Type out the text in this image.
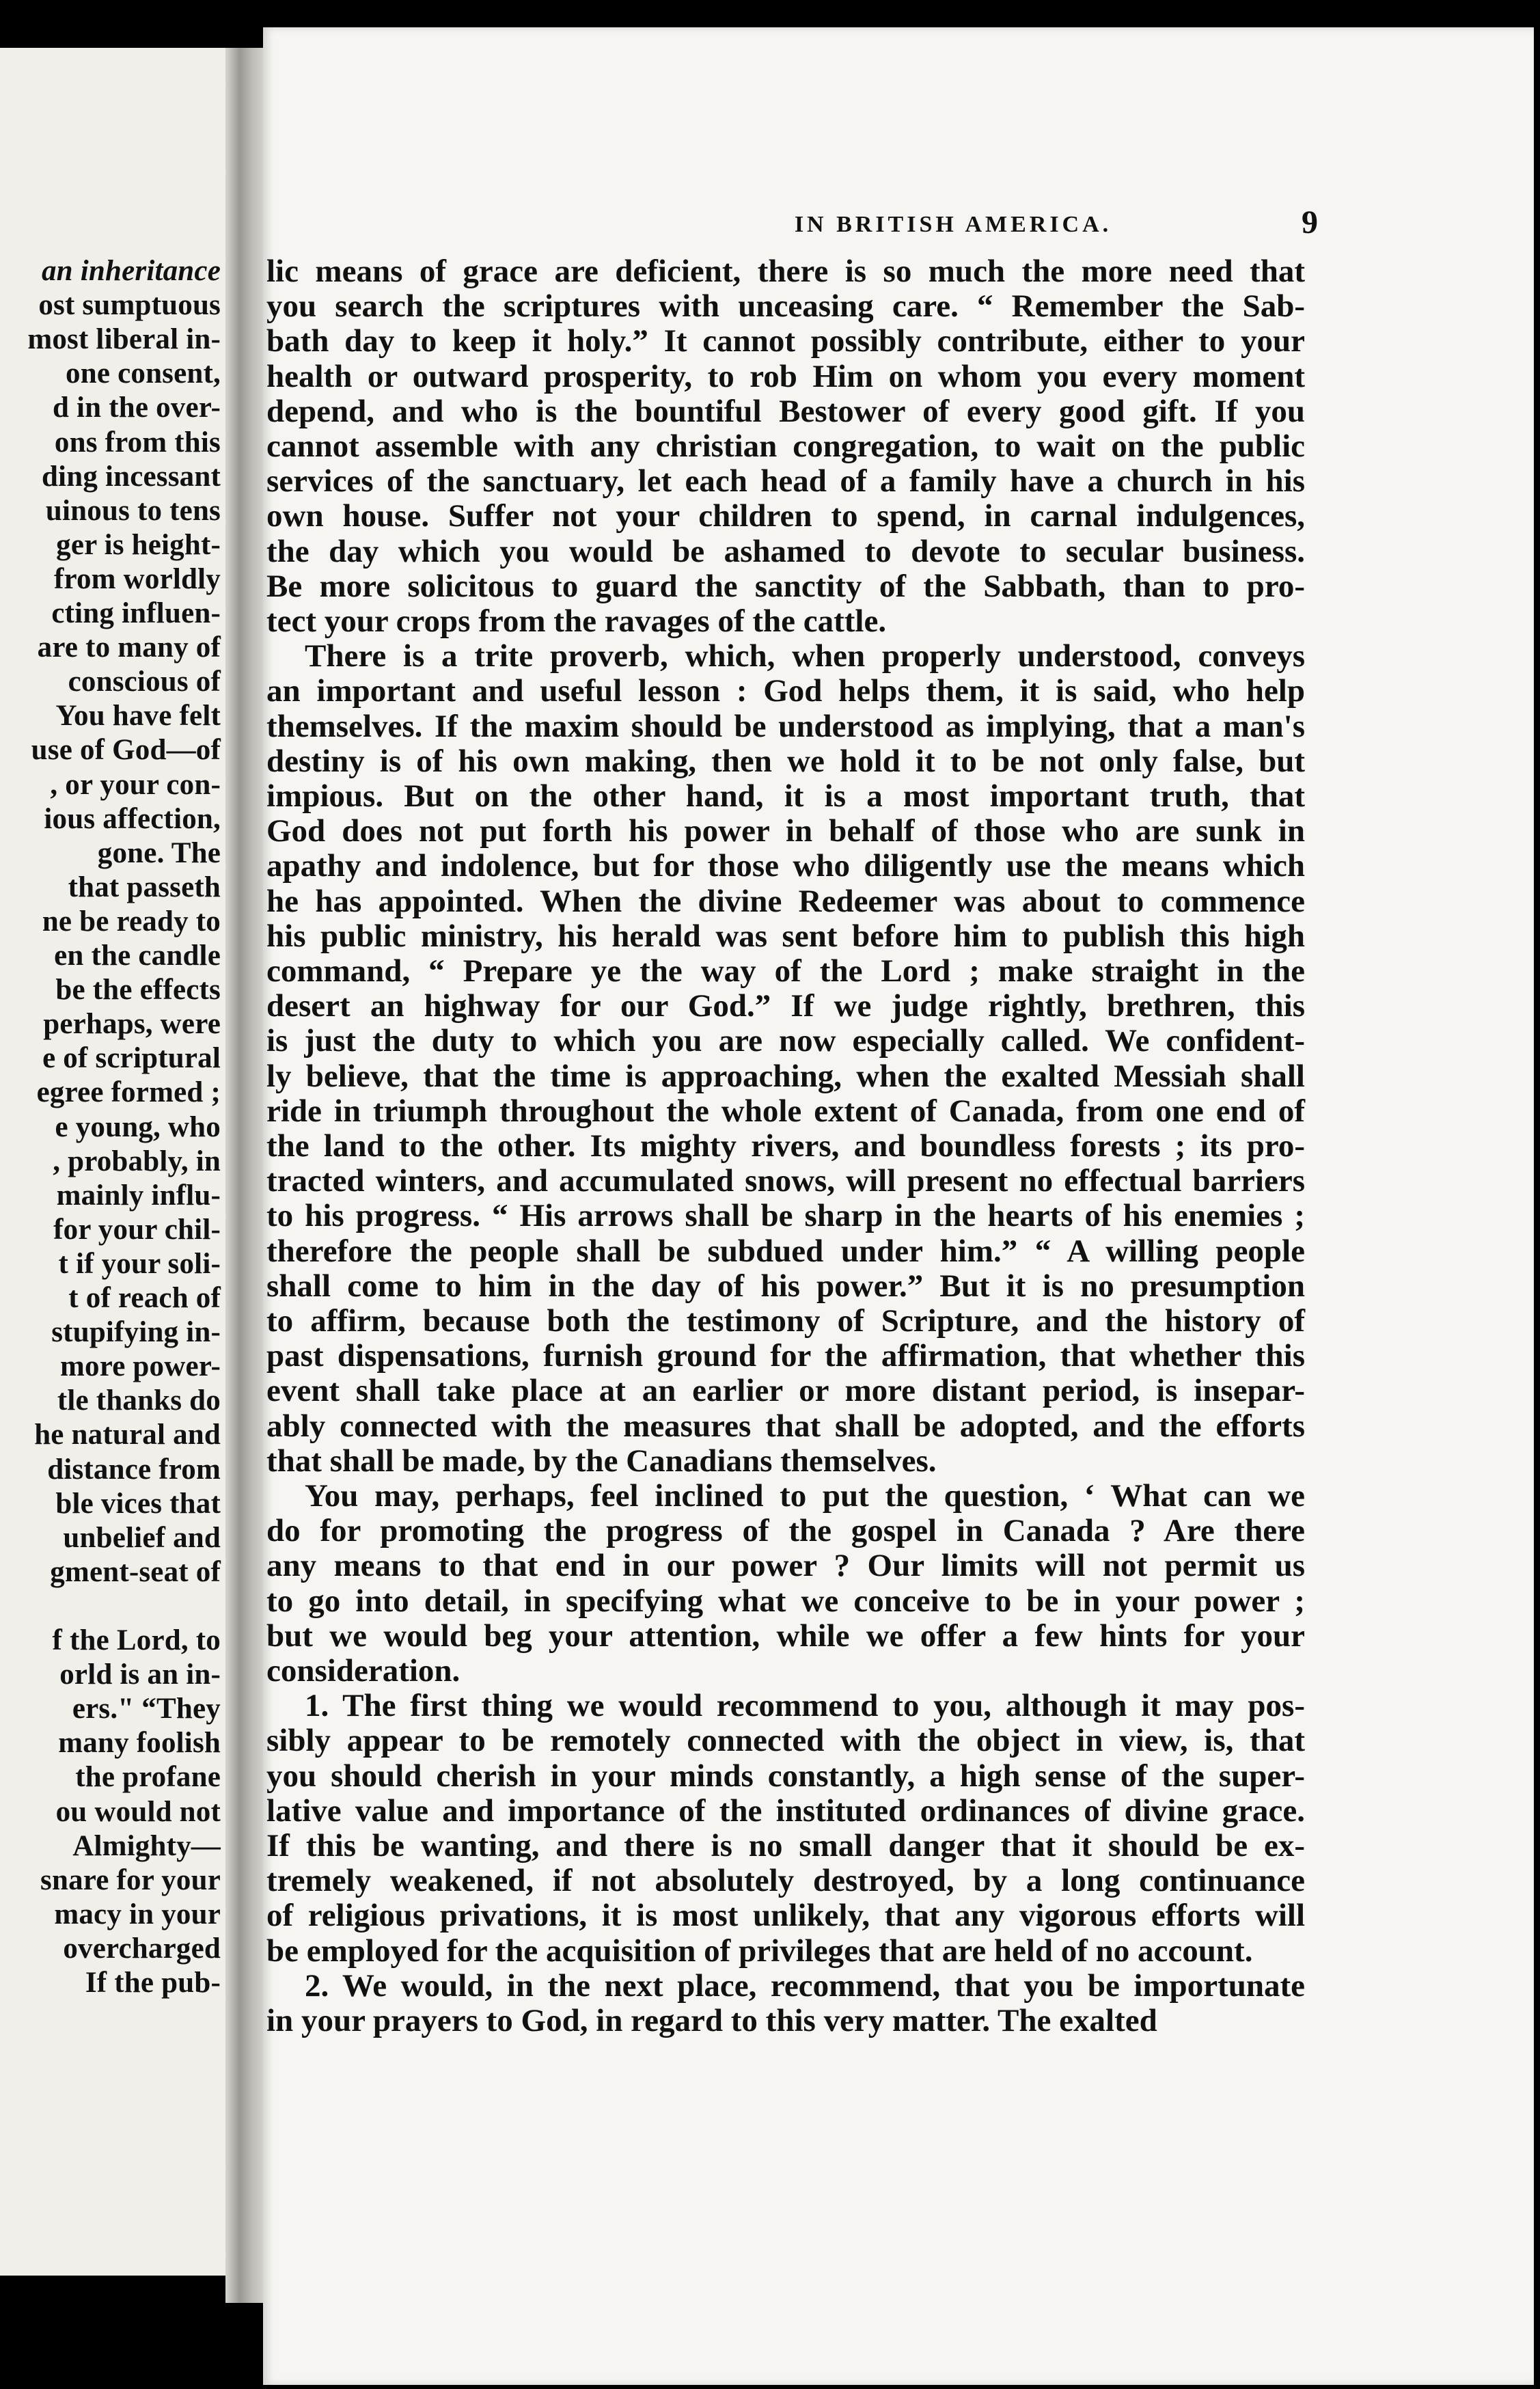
an inheritance
ost sumptuous
most liberal in-
one consent,
d in the over-
ons from this
ding incessant
uinous to tens
ger is height-
from worldly
cting influen-
are to many of
conscious of
You have felt
use of God—of
, or your con-
ious affection,
gone. The
that passeth
ne be ready to
en the candle
be the effects
perhaps, were
e of scriptural
egree formed ;
e young, who
, probably, in
mainly influ-
for your chil-
t if your soli-
t of reach of
stupifying in-
more power-
tle thanks do
he natural and
distance from
ble vices that
unbelief and
gment-seat of
f the Lord, to
orld is an in-
ers." “They
many foolish
the profane
ou would not
Almighty—
snare for your
macy in your
overcharged
If the pub-
IN BRITISH AMERICA.	9
lic means of grace are deficient, there is so much the more need that
you search the scriptures with unceasing care. “ Remember the Sab-
bath day to keep it holy.” It cannot possibly contribute, either to your
health or outward prosperity, to rob Him on whom you every moment
depend, and who is the bountiful Bestower of every good gift. If you
cannot assemble with any christian congregation, to wait on the public
services of the sanctuary, let each head of a family have a church in his
own house. Suffer not your children to spend, in carnal indulgences,
the day which you would be ashamed to devote to secular business.
Be more solicitous to guard the sanctity of the Sabbath, than to pro-
tect your crops from the ravages of the cattle.
There is a trite proverb, which, when properly understood, conveys
an important and useful lesson : God helps them, it is said, who help
themselves. If the maxim should be understood as implying, that a man's
destiny is of his own making, then we hold it to be not only false, but
impious. But on the other hand, it is a most important truth, that
God does not put forth his power in behalf of those who are sunk in
apathy and indolence, but for those who diligently use the means which
he has appointed. When the divine Redeemer was about to commence
his public ministry, his herald was sent before him to publish this high
command, “ Prepare ye the way of the Lord ; make straight in the
desert an highway for our God.” If we judge rightly, brethren, this
is just the duty to which you are now especially called. We confident-
ly believe, that the time is approaching, when the exalted Messiah shall
ride in triumph throughout the whole extent of Canada, from one end of
the land to the other. Its mighty rivers, and boundless forests ; its pro-
tracted winters, and accumulated snows, will present no effectual barriers
to his progress. “ His arrows shall be sharp in the hearts of his enemies ;
therefore the people shall be subdued under him.” “ A willing people
shall come to him in the day of his power.” But it is no presumption
to affirm, because both the testimony of Scripture, and the history of
past dispensations, furnish ground for the affirmation, that whether this
event shall take place at an earlier or more distant period, is insepar-
ably connected with the measures that shall be adopted, and the efforts
that shall be made, by the Canadians themselves.
You may, perhaps, feel inclined to put the question, ‘ What can we
do for promoting the progress of the gospel in Canada ? Are there
any means to that end in our power ? Our limits will not permit us
to go into detail, in specifying what we conceive to be in your power ;
but we would beg your attention, while we offer a few hints for your
consideration.
1. The first thing we would recommend to you, although it may pos-
sibly appear to be remotely connected with the object in view, is, that
you should cherish in your minds constantly, a high sense of the super-
lative value and importance of the instituted ordinances of divine grace.
If this be wanting, and there is no small danger that it should be ex-
tremely weakened, if not absolutely destroyed, by a long continuance
of religious privations, it is most unlikely, that any vigorous efforts will
be employed for the acquisition of privileges that are held of no account.
2. We would, in the next place, recommend, that you be importunate
in your prayers to God, in regard to this very matter. The exalted
